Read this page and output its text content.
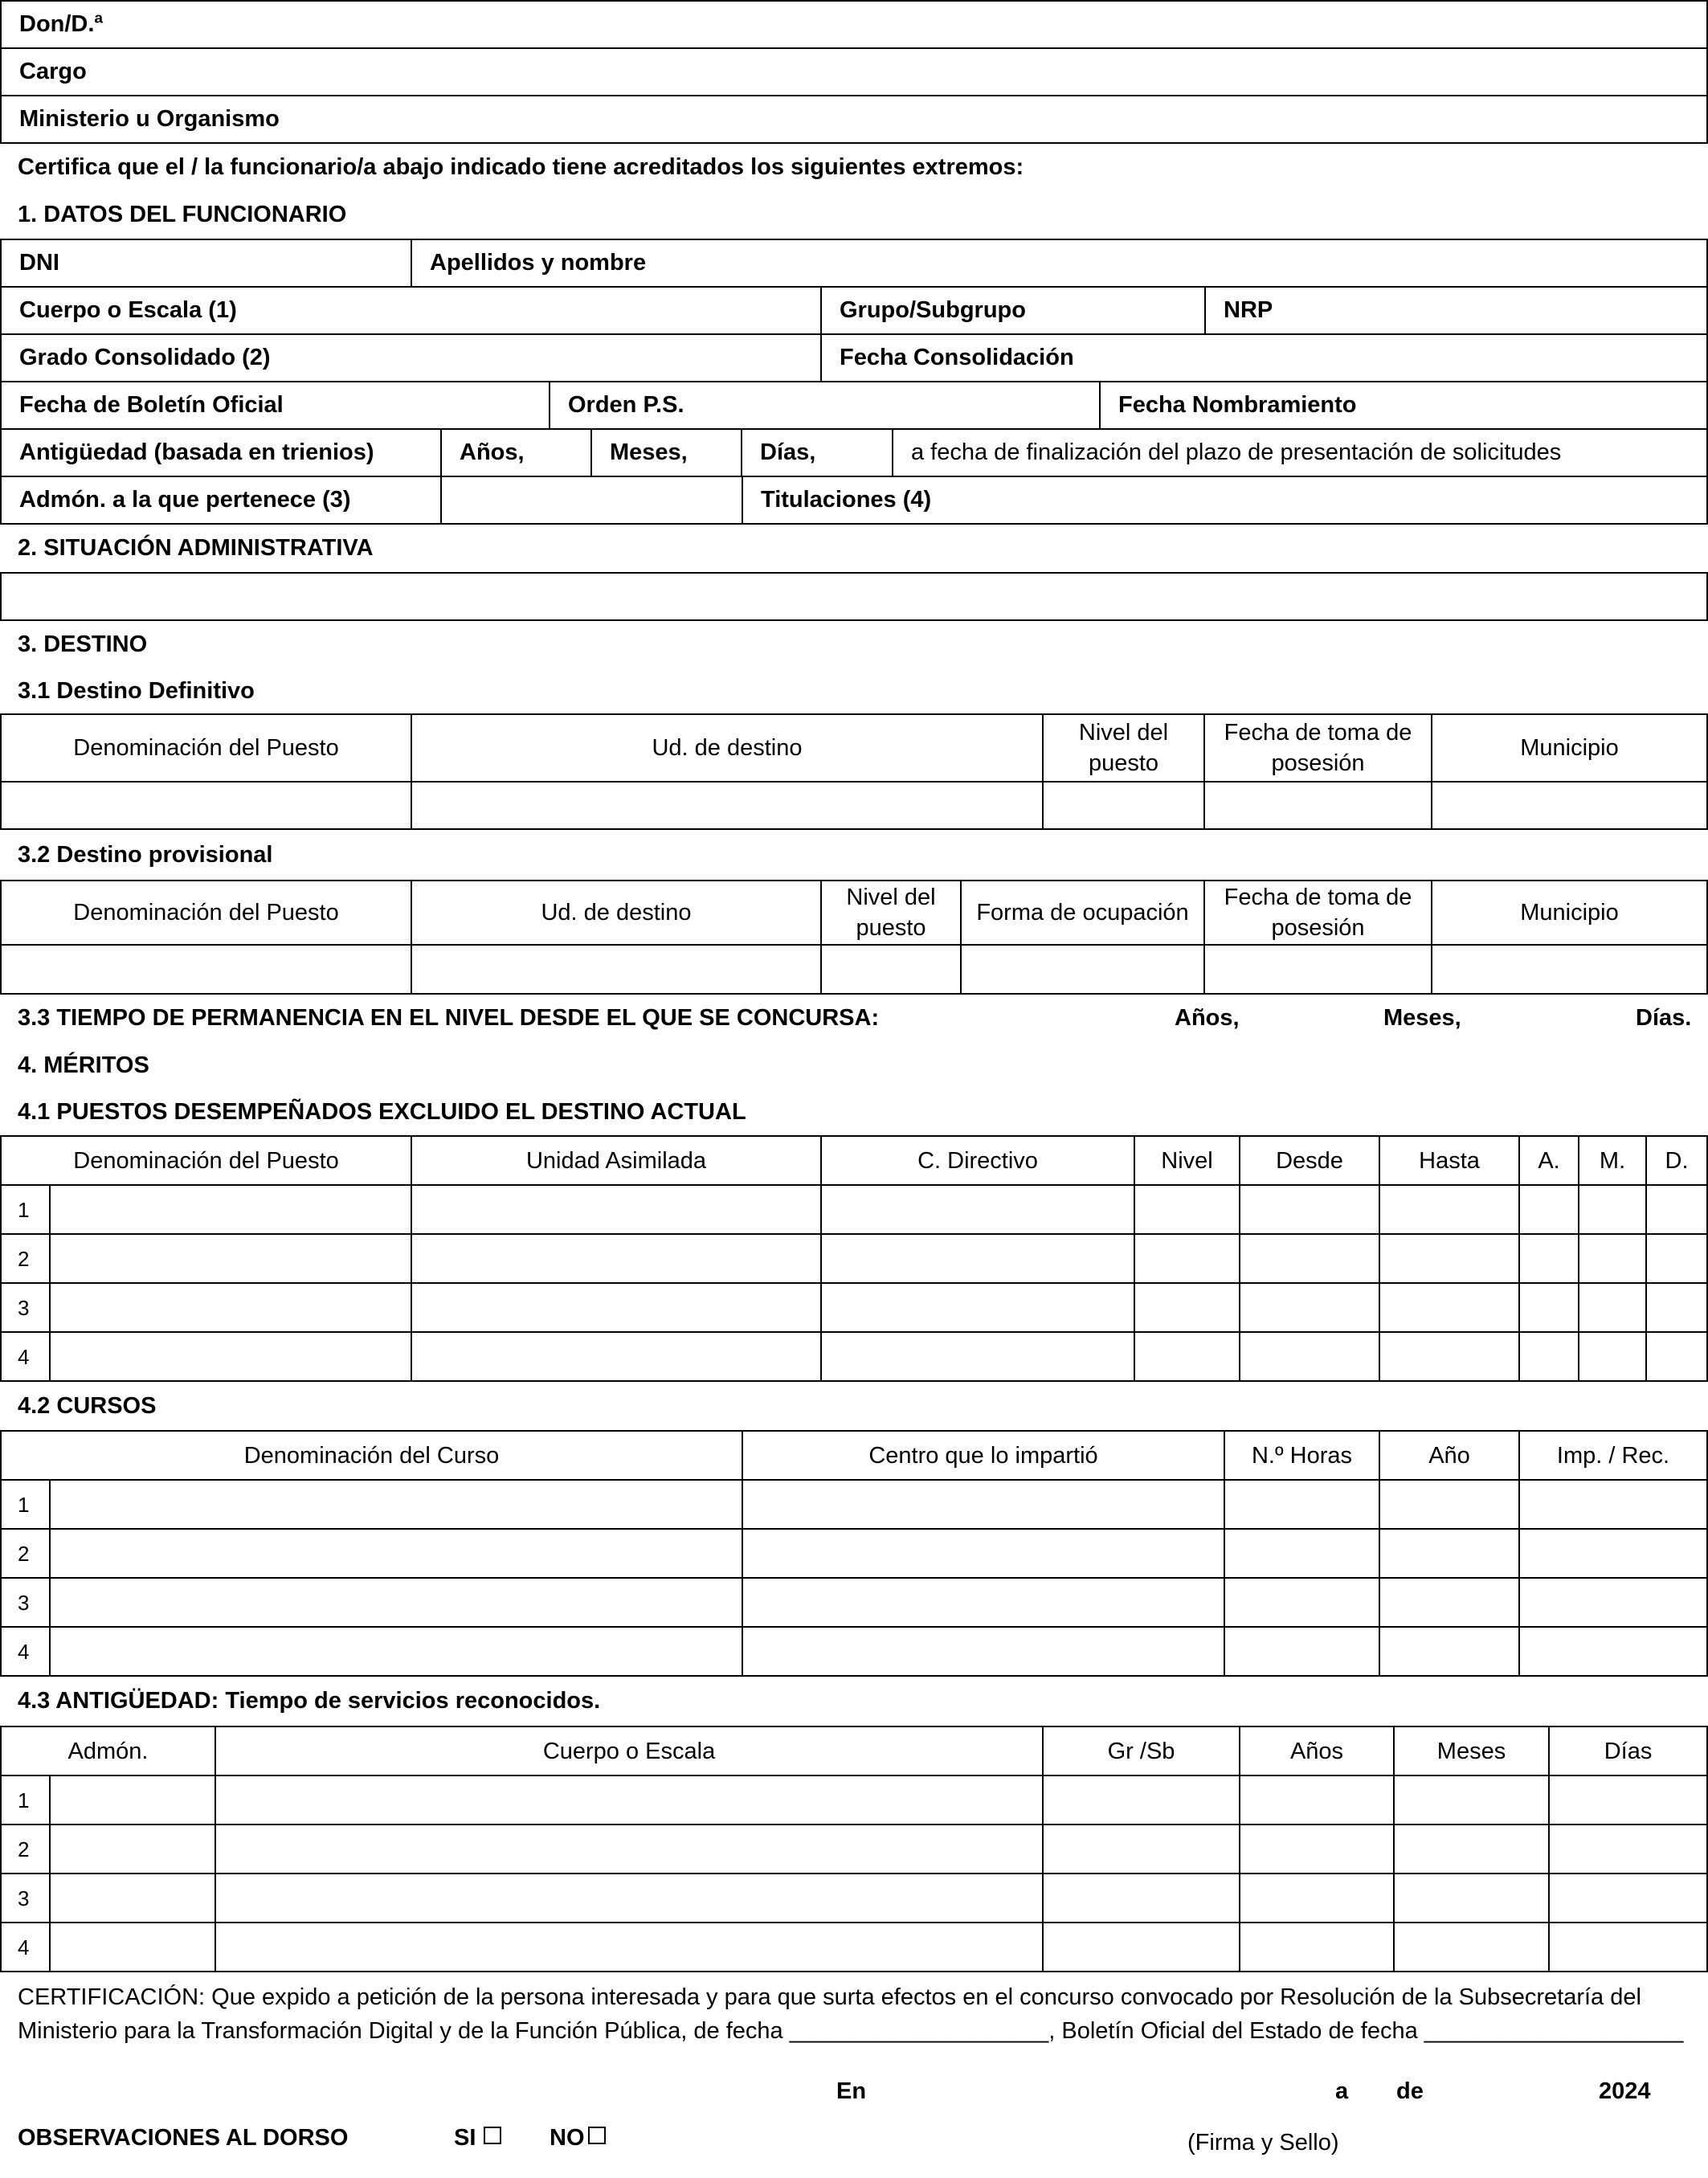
Don/D.ª
Cargo
Ministerio u Organismo
Certifica que el / la funcionario/a abajo indicado tiene acreditados los siguientes extremos:
1. DATOS DEL FUNCIONARIO
DNI	Apellidos y nombre
Cuerpo o Escala (1)	Grupo/Subgrupo	NRP
Grado Consolidado (2)	Fecha Consolidación
Fecha de Boletín Oficial	Orden P.S.	Fecha Nombramiento
Antigüedad (basada en trienios)	Años,	Meses,	Días,	a fecha de finalización del plazo de presentación de solicitudes
Admón. a la que pertenece (3)		Titulaciones (4)
2. SITUACIÓN ADMINISTRATIVA
3. DESTINO
3.1 Destino Definitivo
Denominación del Puesto	Ud. de destino	Nivel del puesto	Fecha de toma de posesión	Municipio

3.2 Destino provisional
Denominación del Puesto	Ud. de destino	Nivel del puesto	Forma de ocupación	Fecha de toma de posesión	Municipio

3.3 TIEMPO DE PERMANENCIA EN EL NIVEL DESDE EL QUE SE CONCURSA:	Años,	Meses,	Días.
4. MÉRITOS
4.1 PUESTOS DESEMPEÑADOS EXCLUIDO EL DESTINO ACTUAL
Denominación del Puesto		Unidad Asimilada	C. Directivo	Nivel	Desde	Hasta	A.	M.	D.
1									
2									
3									
4									
4.2 CURSOS
Denominación del Curso		Centro que lo impartió	N.º Horas	Año	Imp. / Rec.
1					
2					
3					
4					
4.3 ANTIGÜEDAD: Tiempo de servicios reconocidos.
Admón.		Cuerpo o Escala	Gr /Sb	Años	Meses	Días
1						
2						
3						
4						
CERTIFICACIÓN: Que expido a petición de la persona interesada y para que surta efectos en el concurso convocado por Resolución de la Subsecretaría del
Ministerio para la Transformación Digital y de la Función Pública, de fecha ____________________, Boletín Oficial del Estado de fecha ____________________
En	a de	2024
OBSERVACIONES AL DORSO	SI	NO	(Firma y Sello)
